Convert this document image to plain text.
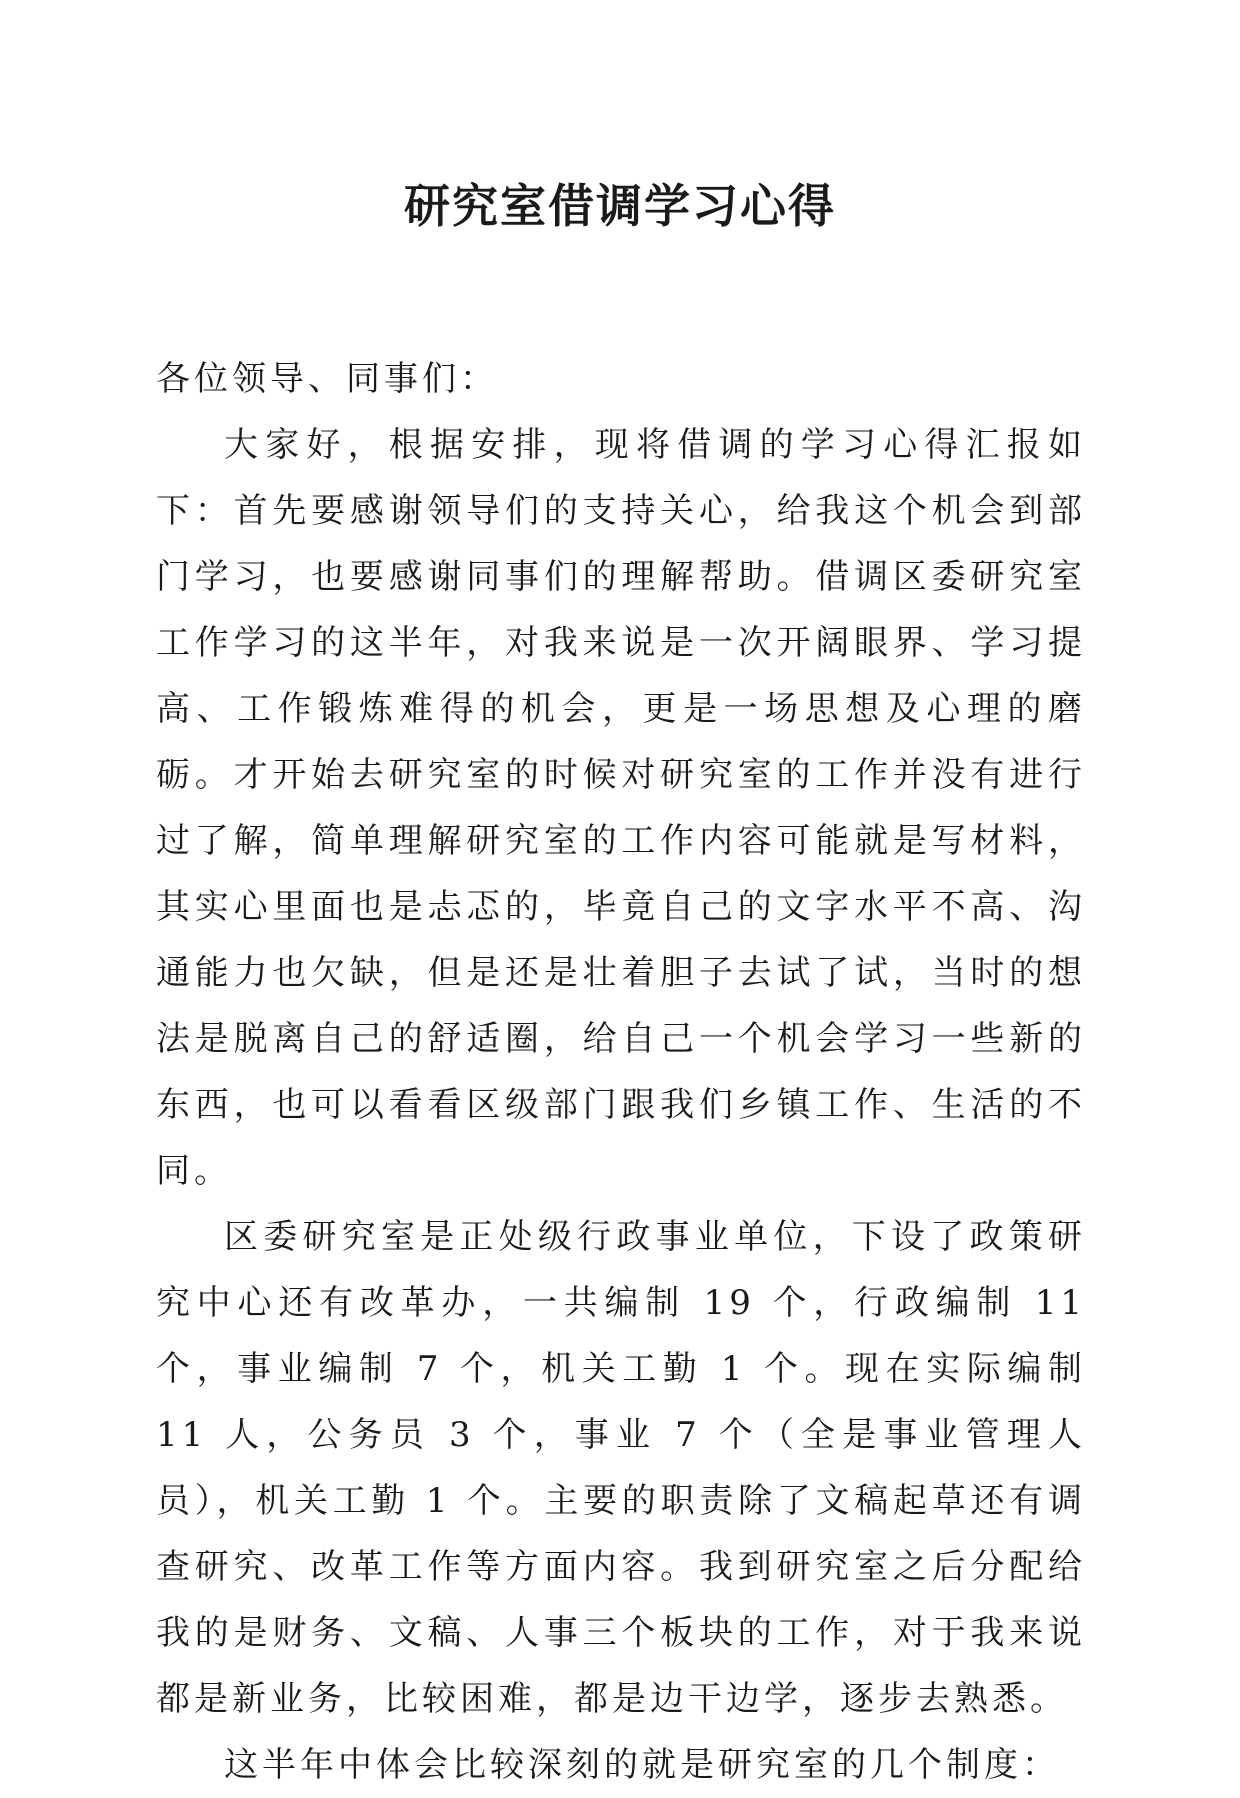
研究室借调学习心得

各位领导、同事们：

大家好，根据安排，现将借调的学习心得汇报如下：首先要感谢领导们的支持关心，给我这个机会到部门学习，也要感谢同事们的理解帮助。借调区委研究室工作学习的这半年，对我来说是一次开阔眼界、学习提高、工作锻炼难得的机会，更是一场思想及心理的磨砺。才开始去研究室的时候对研究室的工作并没有进行过了解，简单理解研究室的工作内容可能就是写材料，其实心里面也是忐忑的，毕竟自己的文字水平不高、沟通能力也欠缺，但是还是壮着胆子去试了试，当时的想法是脱离自己的舒适圈，给自己一个机会学习一些新的东西，也可以看看区级部门跟我们乡镇工作、生活的不同。

区委研究室是正处级行政事业单位，下设了政策研究中心还有改革办，一共编制 19 个，行政编制 11 个，事业编制 7 个，机关工勤 1 个。现在实际编制 11 人，公务员 3 个，事业 7 个（全是事业管理人员），机关工勤 1 个。主要的职责除了文稿起草还有调查研究、改革工作等方面内容。我到研究室之后分配给我的是财务、文稿、人事三个板块的工作，对于我来说都是新业务，比较困难，都是边干边学，逐步去熟悉。

这半年中体会比较深刻的就是研究室的几个制度：
